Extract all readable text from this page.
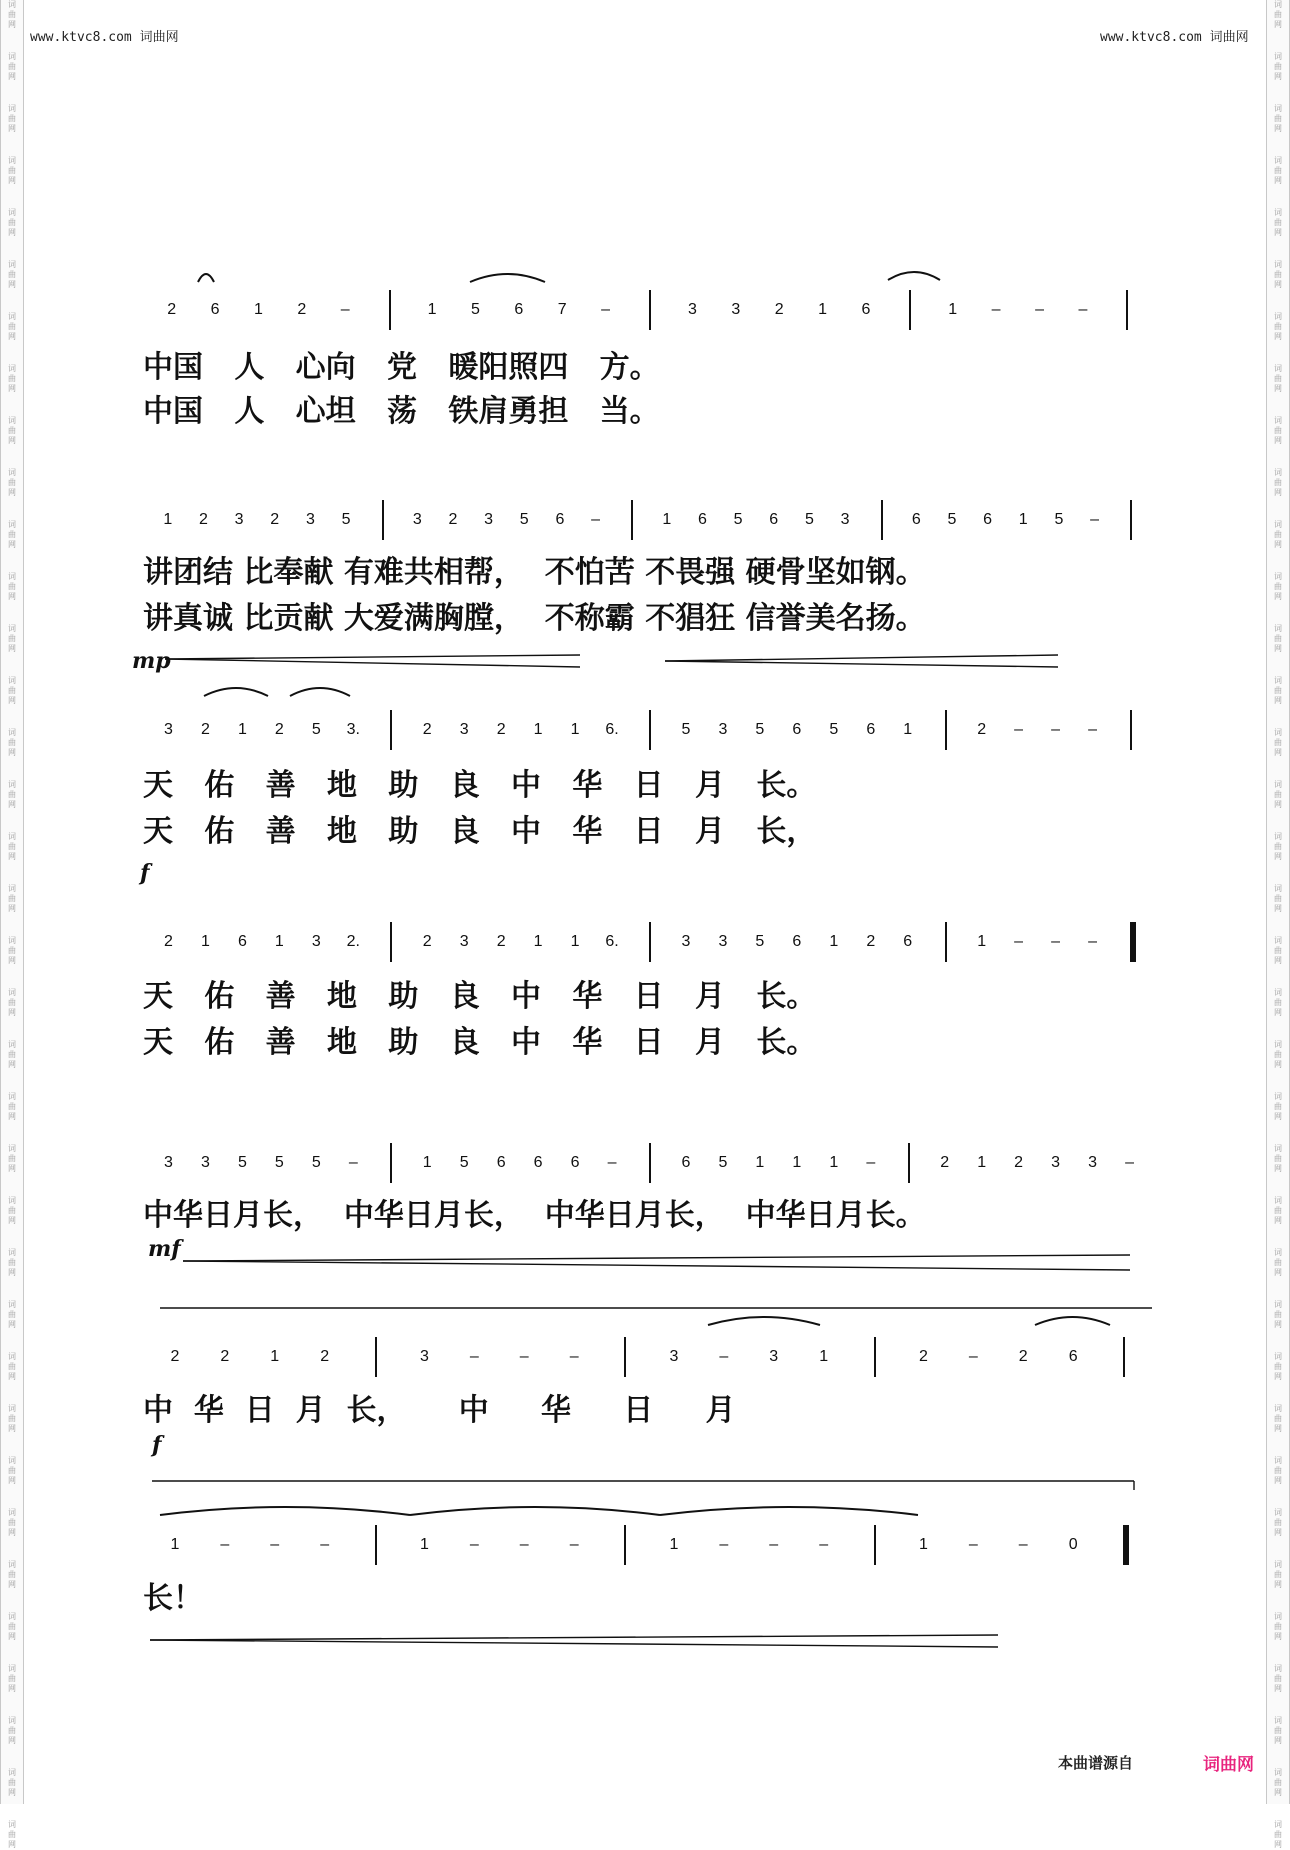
词
曲
网
词
曲
网
词
曲
网
词
曲
网
词
曲
网
词
曲
网
词
曲
网
词
曲
网
词
曲
网
词
曲
网
词
曲
网
词
曲
网
词
曲
网
词
曲
网
词
曲
网
词
曲
网
词
曲
网
词
曲
网
词
曲
网
词
曲
网
词
曲
网
词
曲
网
词
曲
网
词
曲
网
词
曲
网
词
曲
网
词
曲
网
词
曲
网
词
曲
网
词
曲
网
词
曲
网
词
曲
网
词
曲
网
词
曲
网
词
曲
网
词
曲
网
词
曲
网
词
曲
网
词
曲
网
词
曲
网
词
曲
网
词
曲
网
词
曲
网
词
曲
网
词
曲
网
词
曲
网
词
曲
网
词
曲
网
词
曲
网
词
曲
网
词
曲
网
词
曲
网
词
曲
网
词
曲
网
词
曲
网
词
曲
网
词
曲
网
词
曲
网
词
曲
网
词
曲
网
词
曲
网
词
曲
网
词
曲
网
词
曲
网
词
曲
网
词
曲
网
词
曲
网
词
曲
网
词
曲
网
词
曲
网
词
曲
网
词
曲
网
www.ktvc8.com 词曲网	www.ktvc8.com 词曲网
2	6	1	2	–	1	5	6	7	–	3	3	2	1	6	1	–	–	–
1	2	3	2	3	5	3	2	3	5	6	–	1	6	5	6	5	3	6	5	6	1	5	–
3	2	1	2	5	3.	2	3	2	1	1	6.	5	3	5	6	5	6	1	2	–	–	–
2	1	6	1	3	2.	2	3	2	1	1	6.	3	3	5	6	1	2	6	1	–	–	–
3	3	5	5	5	–	1	5	6	6	6	–	6	5	1	1	1	–	2	1	2	3	3	–
2	2	1	2	3	–	–	–	3	–	3	1	2	–	2	6
1	–	–	–	1	–	–	–	1	–	–	–	1	–	–	0
中国   人   心向   党   暖阳照四   方。
中国   人   心坦   荡   铁肩勇担   当。
讲团结 比奉献 有难共相帮，  不怕苦 不畏强 硬骨坚如钢。
讲真诚 比贡献 大爱满胸膛，  不称霸 不猖狂 信誉美名扬。
天   佑   善   地   助   良   中   华   日   月   长。
天   佑   善   地   助   良   中   华   日   月   长，
天   佑   善   地   助   良   中   华   日   月   长。
天   佑   善   地   助   良   中   华   日   月   长。
中华日月长，  中华日月长，  中华日月长，  中华日月长。
中  华  日  月  长，     中     华     日     月
长！
mp
f
mf
f
本曲谱源自	词曲网
